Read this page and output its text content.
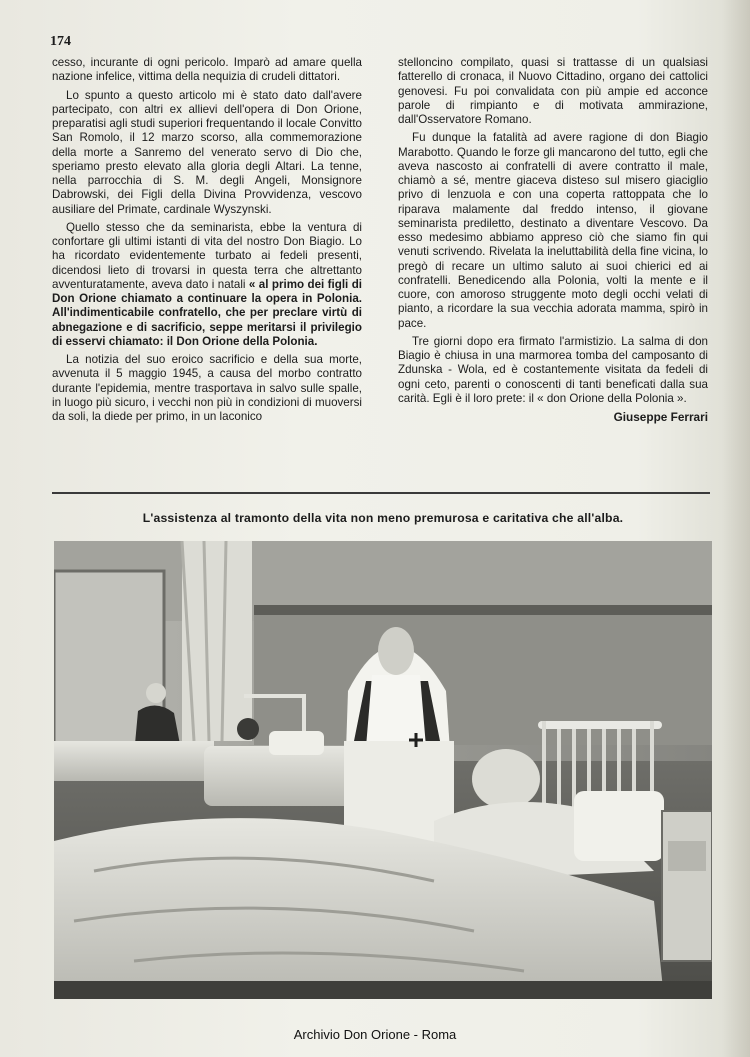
174

cesso, incurante di ogni pericolo. Imparò ad amare quella nazione infelice, vittima della nequizia di crudeli dittatori.

Lo spunto a questo articolo mi è stato dato dall'avere partecipato, con altri ex allievi dell'opera di Don Orione, preparatisi agli studi superiori frequentando il locale Convitto San Romolo, il 12 marzo scorso, alla commemorazione della morte a Sanremo del venerato servo di Dio che, speriamo presto elevato alla gloria degli Altari. La tenne, nella parrocchia di S. M. degli Angeli, Monsignore Dabrowski, dei Figli della Divina Provvidenza, vescovo ausiliare del Primate, cardinale Wyszynski.

Quello stesso che da seminarista, ebbe la ventura di confortare gli ultimi istanti di vita del nostro Don Biagio. Lo ha ricordato evidentemente turbato ai fedeli presenti, dicendosi lieto di trovarsi in questa terra che altrettanto avventuratamente, aveva dato i natali « al primo dei figli di Don Orione chiamato a continuare la opera in Polonia. All'indimenticabile confratello, che per preclare virtù di abnegazione e di sacrificio, seppe meritarsi il privilegio di esservi chiamato: il Don Orione della Polonia.

La notizia del suo eroico sacrificio e della sua morte, avvenuta il 5 maggio 1945, a causa del morbo contratto durante l'epidemia, mentre trasportava in salvo sulle spalle, in luogo più sicuro, i vecchi non più in condizioni di muoversi da soli, la diede per primo, in un laconico

stelloncino compilato, quasi si trattasse di un qualsiasi fatterello di cronaca, il Nuovo Cittadino, organo dei cattolici genovesi. Fu poi convalidata con più ampie ed acconce parole di rimpianto e di motivata ammirazione, dall'Osservatore Romano.

Fu dunque la fatalità ad avere ragione di don Biagio Marabotto. Quando le forze gli mancarono del tutto, egli che aveva nascosto ai confratelli di avere contratto il male, chiamò a sé, mentre giaceva disteso sul misero giaciglio privo di lenzuola e con una coperta rattoppata che lo riparava malamente dal freddo intenso, il giovane seminarista prediletto, destinato a diventare Vescovo. Da esso medesimo abbiamo appreso ciò che siamo fin qui venuti scrivendo. Rivelata la ineluttabilità della fine vicina, lo pregò di recare un ultimo saluto ai suoi chierici ed ai confratelli. Benedicendo alla Polonia, volti la mente e il cuore, con amoroso struggente moto degli occhi velati di pianto, a ricordare la sua vecchia adorata mamma, spirò in pace.

Tre giorni dopo era firmato l'armistizio. La salma di don Biagio è chiusa in una marmorea tomba del camposanto di Zdunska - Wola, ed è costantemente visitata da fedeli di ogni ceto, parenti o conoscenti di tanti beneficati dalla sua carità. Egli è il loro prete: il « don Orione della Polonia ».

Giuseppe Ferrari

L'assistenza al tramonto della vita non meno premurosa e caritativa che all'alba.
Archivio Don Orione - Roma
